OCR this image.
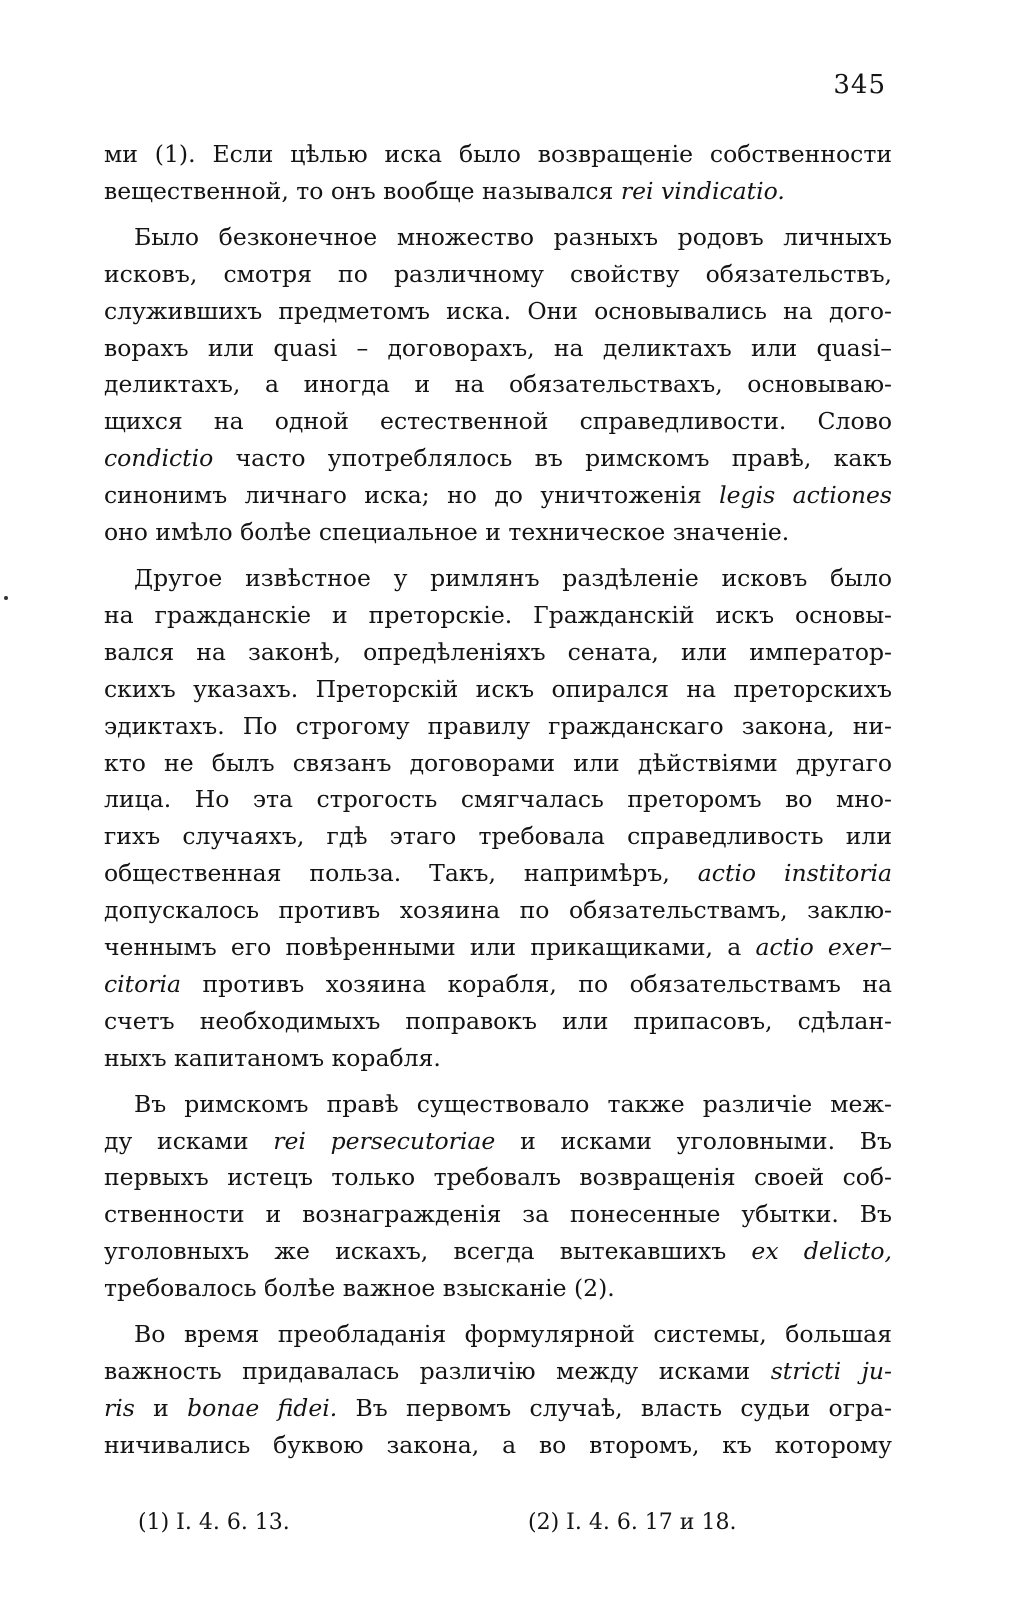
345
ми (1). Если цѣлью иска было возвращенiе собственности
вещественной, то онъ вообще назывался rei vindicatio.
Было безконечное множество разныхъ родовъ личныхъ
исковъ, смотря по различному свойству обязательствъ,
служившихъ предметомъ иска. Они основывались на дого-
ворахъ или quasi – договорахъ, на деликтахъ или quasi–
деликтахъ, а иногда и на обязательствахъ, основываю-
щихся на одной естественной справедливости. Слово
condictio часто употреблялось въ римскомъ правѣ, какъ
синонимъ личнаго иска; но до уничтоженiя legis actiones
оно имѣло болѣе специальное и техническое значенiе.
Другое извѣстное у римлянъ раздѣленiе исковъ было
на гражданскiе и преторскiе. Гражданскiй искъ основы-
вался на законѣ, опредѣленiяхъ сената, или император-
скихъ указахъ. Преторскiй искъ опирался на преторскихъ
эдиктахъ. По строгому правилу гражданскаго закона, ни-
кто не былъ связанъ договорами или дѣйствiями другаго
лица. Но эта строгость смягчалась преторомъ во мно-
гихъ случаяхъ, гдѣ этаго требовала справедливость или
общественная польза. Такъ, напримѣръ, actio institoria
допускалось противъ хозяина по обязательствамъ, заклю-
ченнымъ его повѣренными или прикащиками, а actio exer–
citoria противъ хозяина корабля, по обязательствамъ на
счетъ необходимыхъ поправокъ или припасовъ, сдѣлан-
ныхъ капитаномъ корабля.
Въ римскомъ правѣ существовало также различiе меж-
ду исками rei persecutoriae и исками уголовными. Въ
первыхъ истецъ только требовалъ возвращенiя своей соб-
ственности и вознагражденiя за понесенные убытки. Въ
уголовныхъ же искахъ, всегда вытекавшихъ ex delicto,
требовалось болѣе важное взысканiе (2).
Во время преобладанiя формулярной системы, большая
важность придавалась различiю между исками stricti ju-
ris и bonae fidei. Въ первомъ случаѣ, власть судьи огра-
ничивались буквою закона, а во второмъ, къ которому
(1) I. 4. 6. 13.	(2) I. 4. 6. 17 и 18.
